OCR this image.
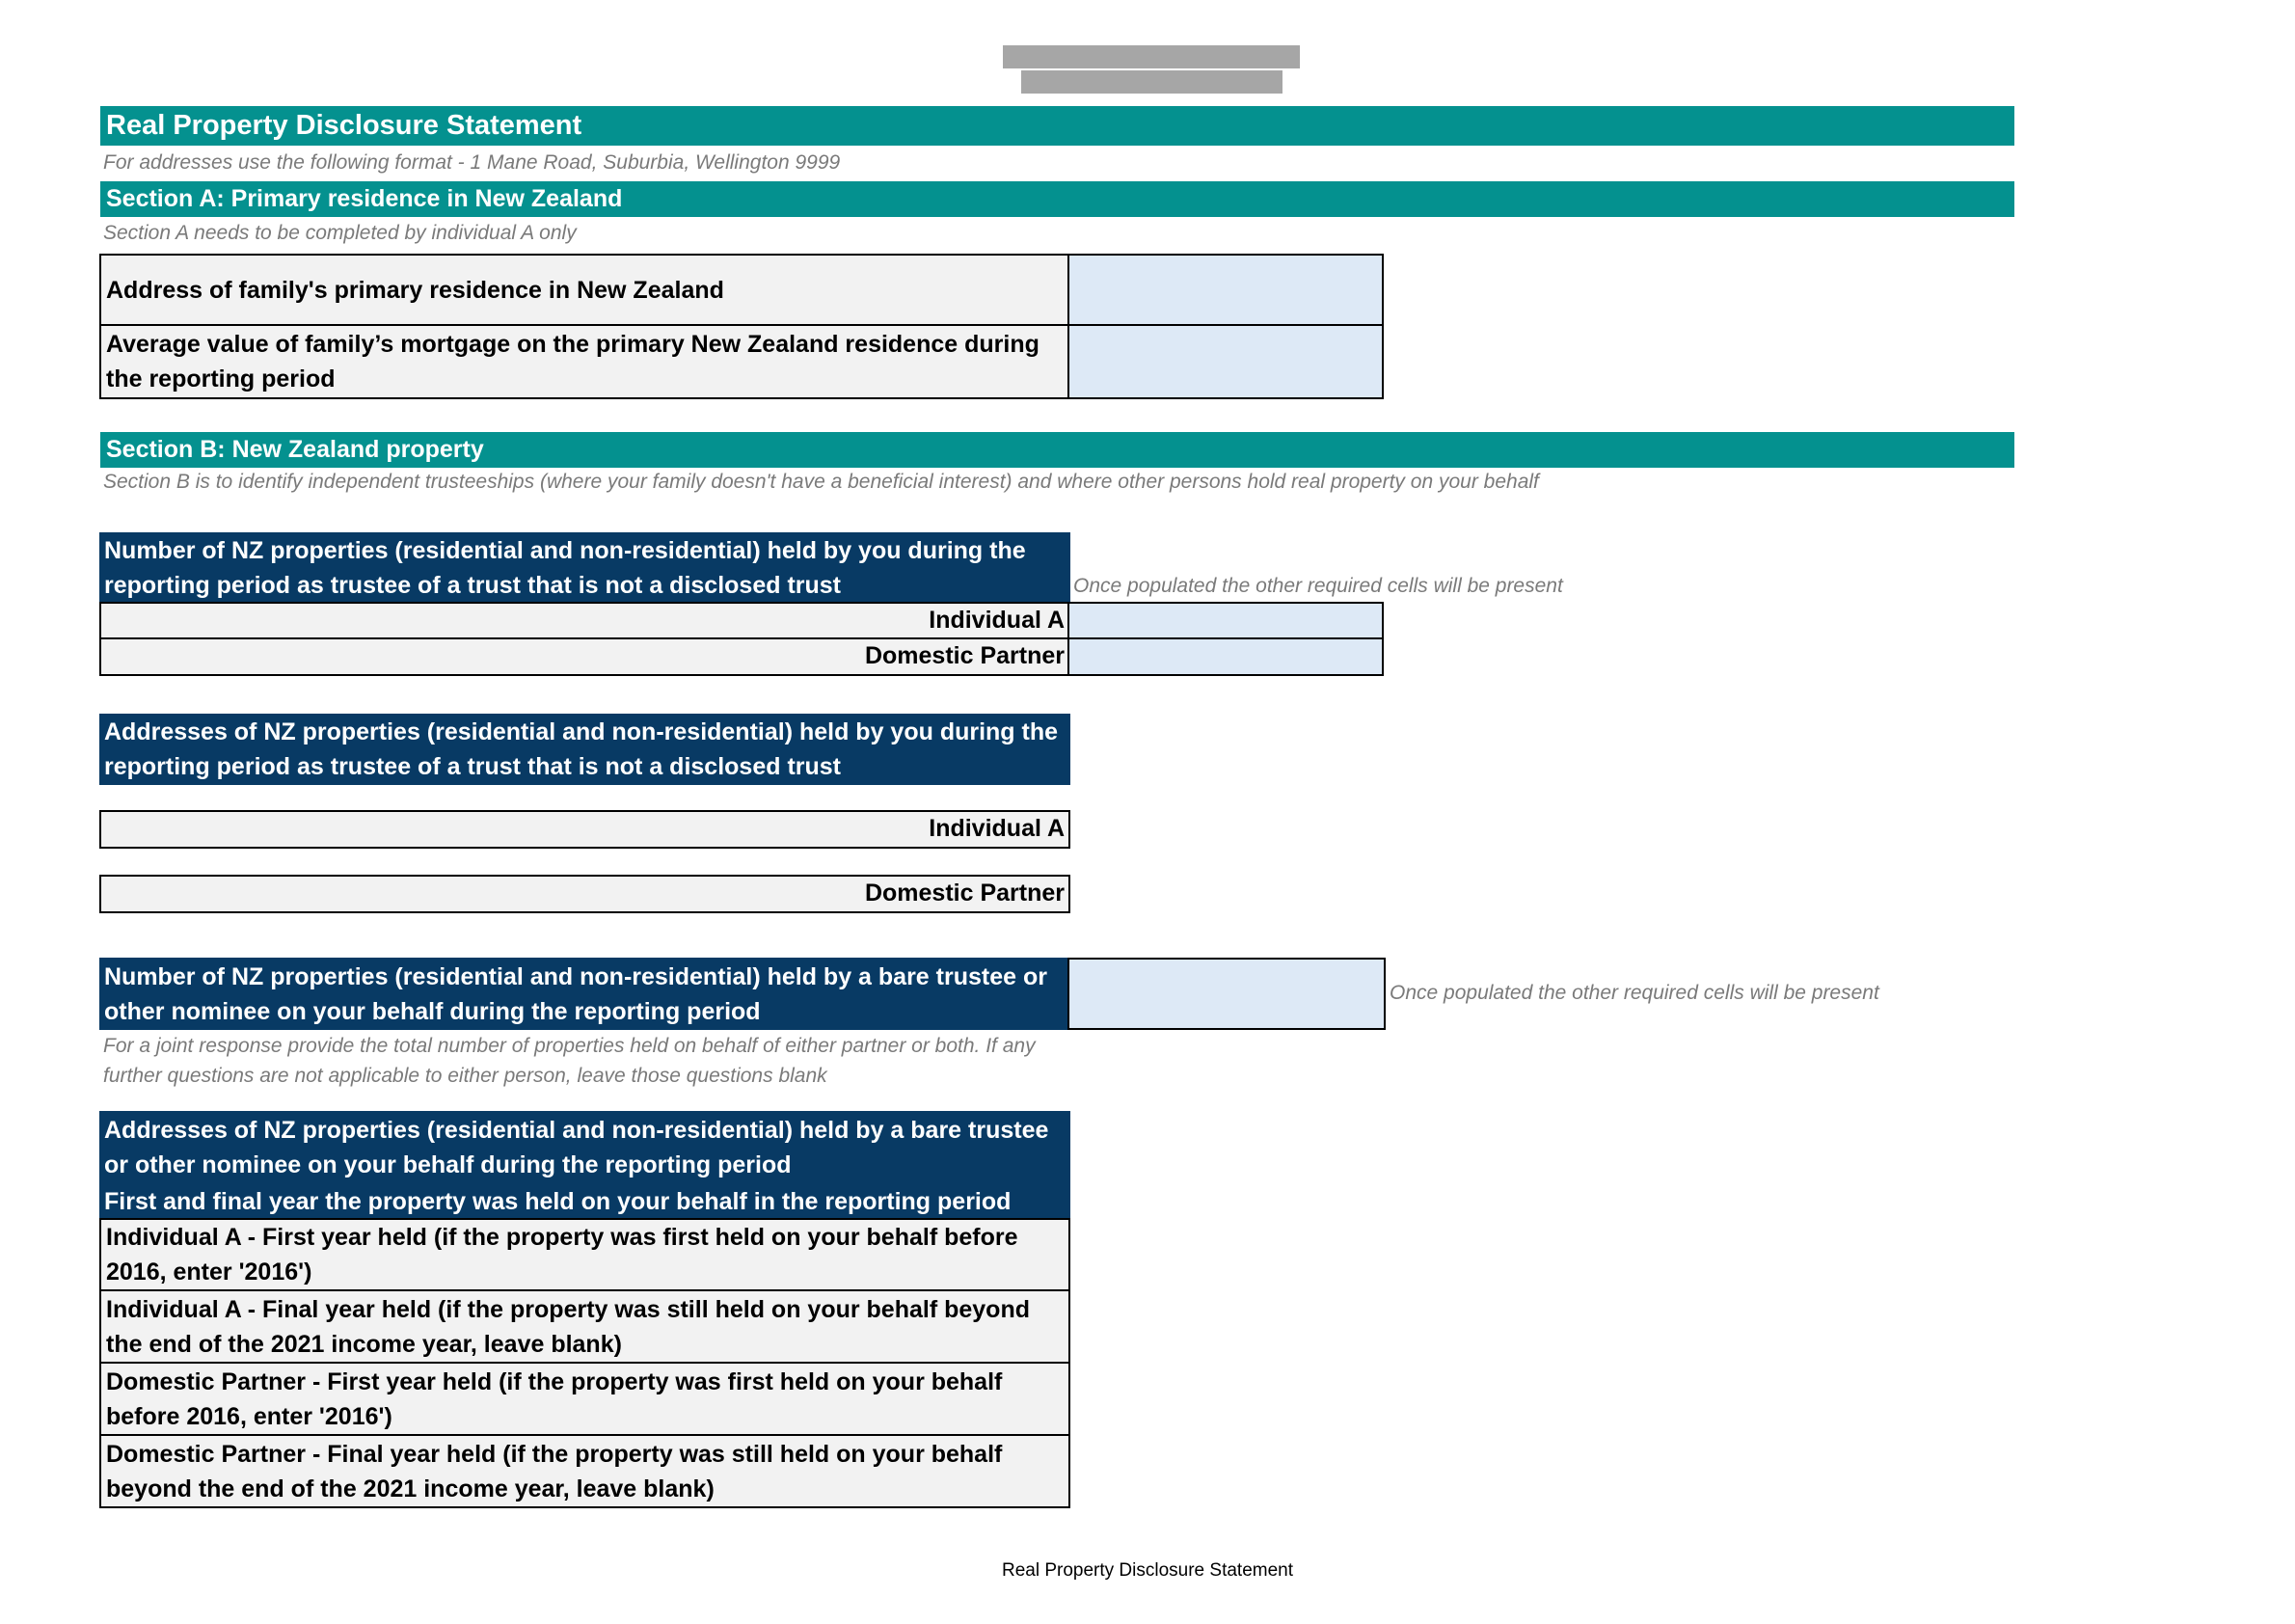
Real Property Disclosure Statement
For addresses use the following format - 1 Mane Road, Suburbia, Wellington 9999
Section A: Primary residence in New Zealand
Section A needs to be completed by individual A only
Address of family's primary residence in New Zealand
Average value of family’s mortgage on the primary New Zealand residence during the reporting period
Section B: New Zealand property
Section B is to identify independent trusteeships (where your family doesn't have a beneficial interest) and where other persons hold real property on your behalf
Number of NZ properties (residential and non-residential) held by you during the reporting period as trustee of a trust that is not a disclosed trust	Once populated the other required cells will be present
Individual A
Domestic Partner
Addresses of NZ properties (residential and non-residential) held by you during the reporting period as trustee of a trust that is not a disclosed trust
Individual A
Domestic Partner
Number of NZ properties (residential and non-residential) held by a bare trustee or other nominee on your behalf during the reporting period
Once populated the other required cells will be present
For a joint response provide the total number of properties held on behalf of either partner or both. If any further questions are not applicable to either person, leave those questions blank
Addresses of NZ properties (residential and non-residential) held by a bare trustee or other nominee on your behalf during the reporting period
First and final year the property was held on your behalf in the reporting period
Individual A - First year held (if the property was first held on your behalf before 2016, enter '2016')
Individual A - Final year held (if the property was still held on your behalf beyond the end of the 2021 income year, leave blank)
Domestic Partner - First year held (if the property was first held on your behalf before 2016, enter '2016')
Domestic Partner - Final year held (if the property was still held on your behalf beyond the end of the 2021 income year, leave blank)
Real Property Disclosure Statement
